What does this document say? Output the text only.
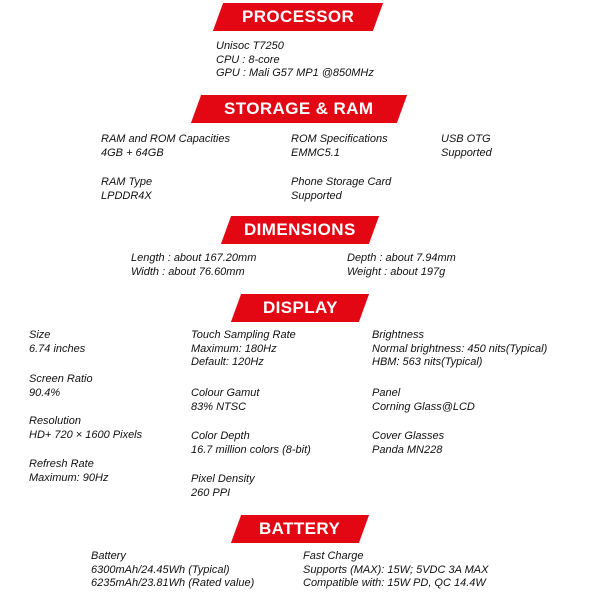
PROCESSOR
Unisoc T7250
CPU : 8-core
GPU : Mali G57 MP1 @850MHz
STORAGE & RAM
RAM and ROM Capacities
4GB + 64GB
ROM Specifications
EMMC5.1
USB OTG
Supported
RAM Type
LPDDR4X
Phone Storage Card
Supported
DIMENSIONS
Length : about 167.20mm
Width : about 76.60mm
Depth : about 7.94mm
Weight : about 197g
DISPLAY
Size
6.74 inches
Screen Ratio
90.4%
Resolution
HD+ 720 × 1600 Pixels
Refresh Rate
Maximum: 90Hz
Touch Sampling Rate
Maximum: 180Hz
Default: 120Hz
Colour Gamut
83% NTSC
Color Depth
16.7 million colors (8-bit)
Pixel Density
260 PPI
Brightness
Normal brightness: 450 nits(Typical)
HBM: 563 nits(Typical)
Panel
Corning Glass@LCD
Cover Glasses
Panda MN228
BATTERY
Battery
6300mAh/24.45Wh (Typical)
6235mAh/23.81Wh (Rated value)
Fast Charge
Supports (MAX): 15W; 5VDC 3A MAX
Compatible with: 15W PD, QC 14.4W
